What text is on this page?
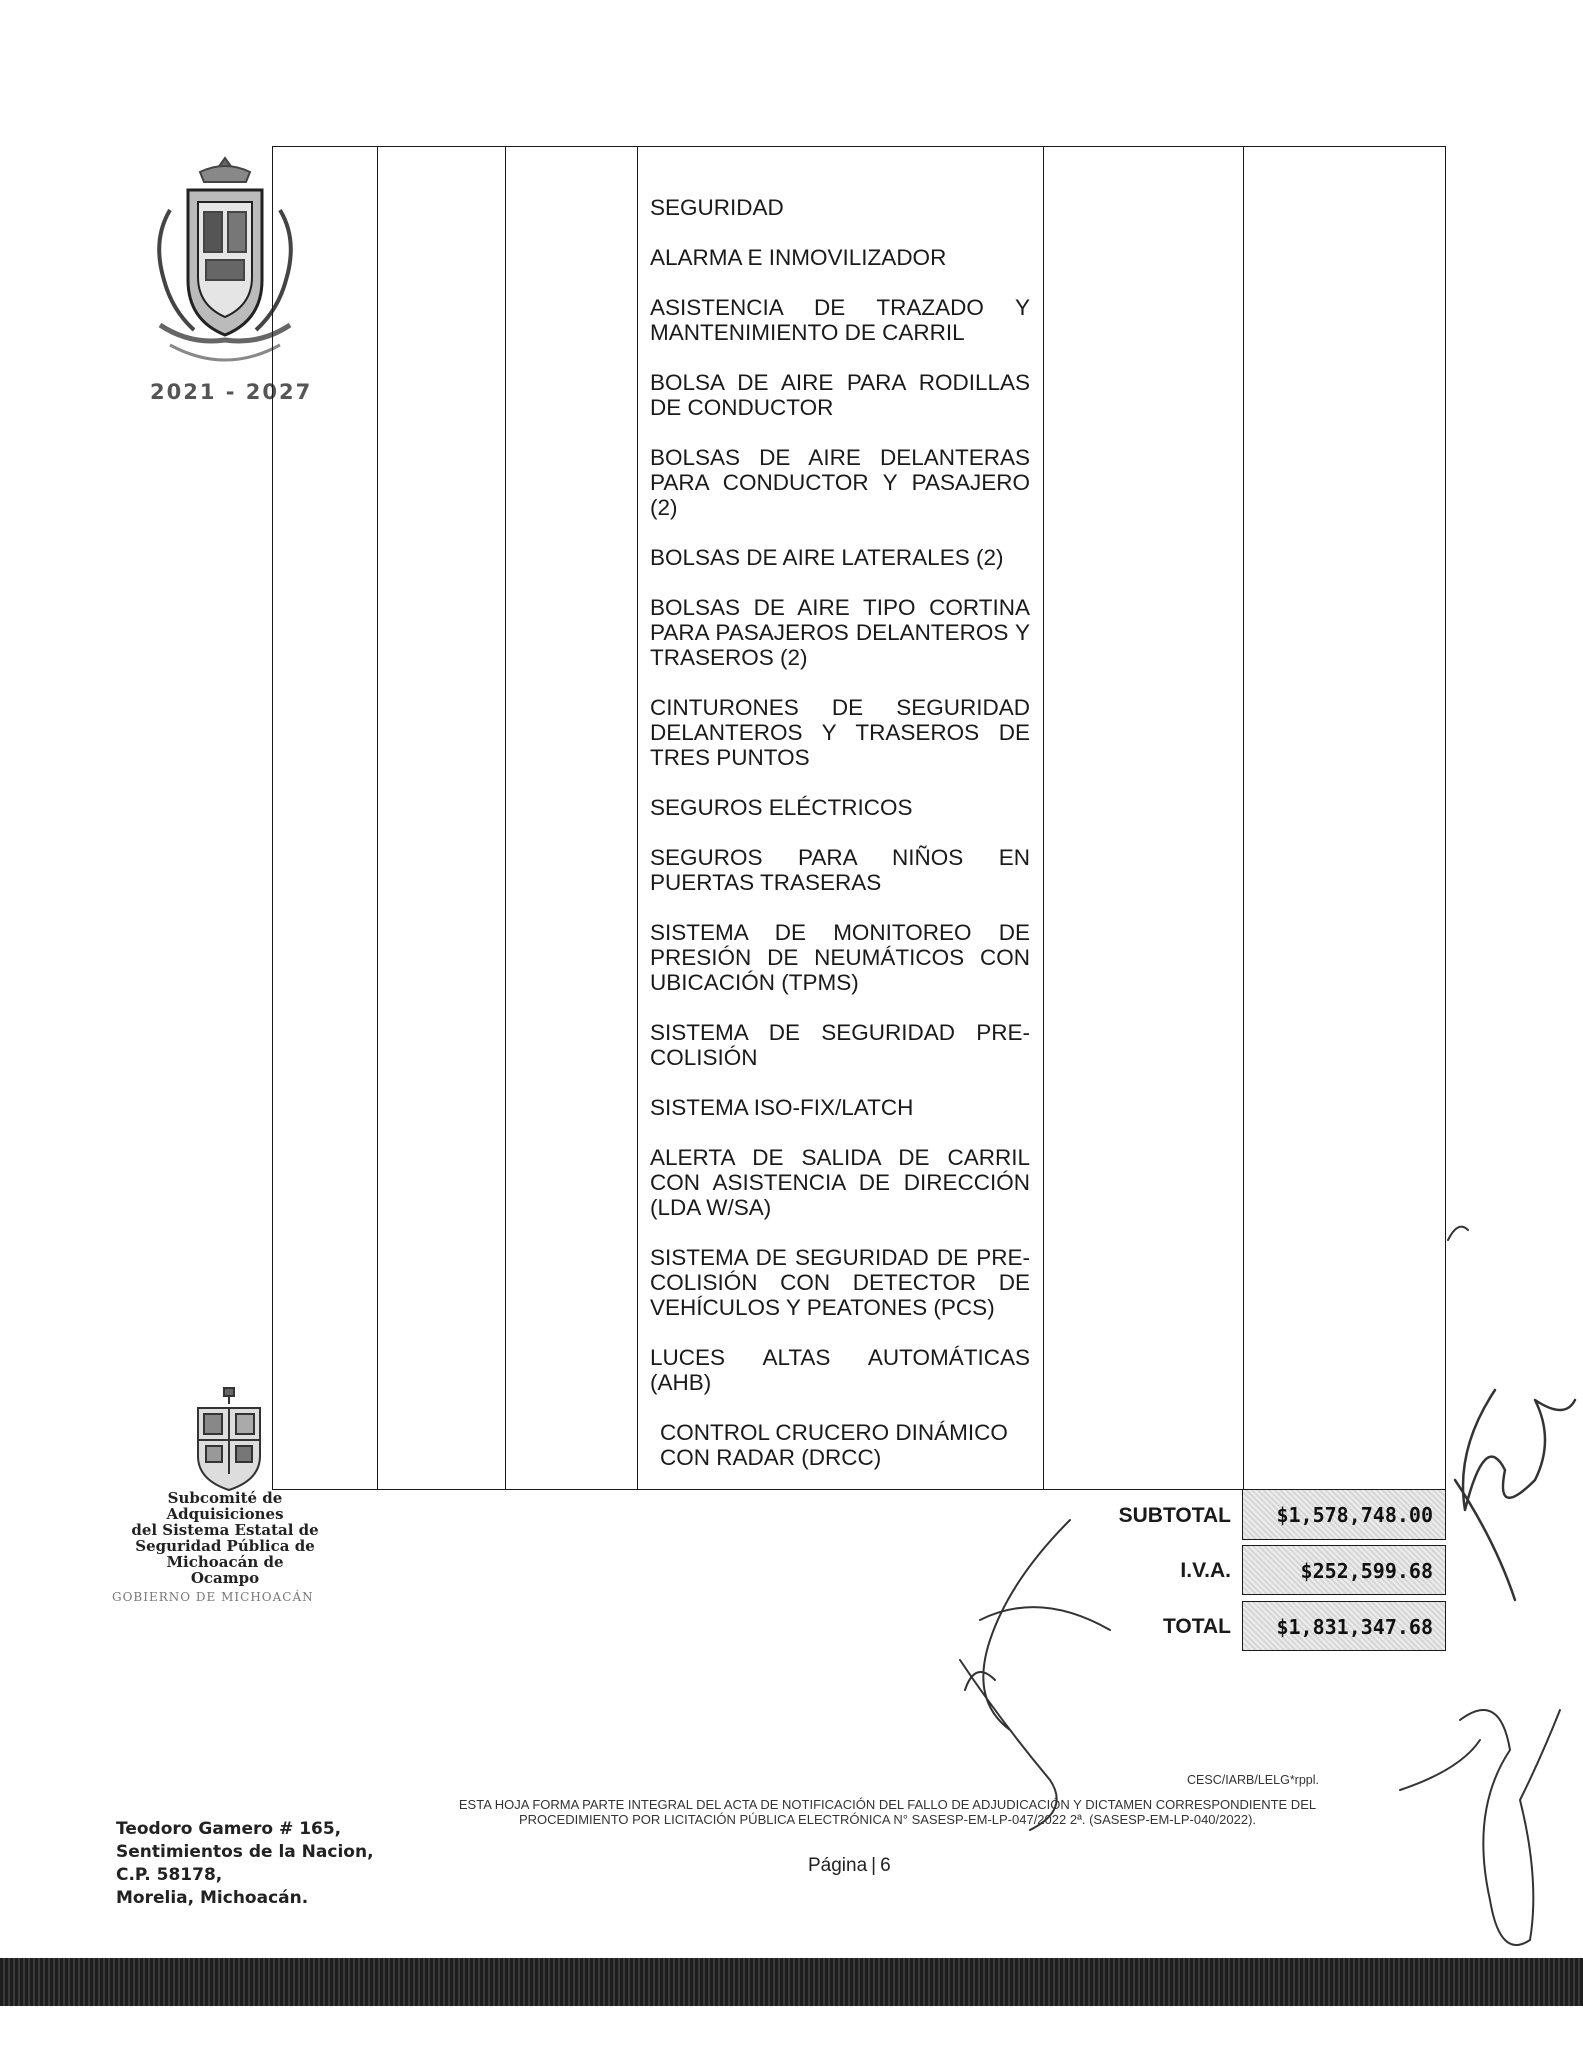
2021 - 2027
SEGURIDAD
ALARMA E INMOVILIZADOR
ASISTENCIA DE TRAZADO Y MANTENIMIENTO DE CARRIL
BOLSA DE AIRE PARA RODILLAS DE CONDUCTOR
BOLSAS DE AIRE DELANTERAS PARA CONDUCTOR Y PASAJERO (2)
BOLSAS DE AIRE LATERALES (2)
BOLSAS DE AIRE TIPO CORTINA PARA PASAJEROS DELANTEROS Y TRASEROS (2)
CINTURONES DE SEGURIDAD DELANTEROS Y TRASEROS DE TRES PUNTOS
SEGUROS ELÉCTRICOS
SEGUROS PARA NIÑOS EN PUERTAS TRASERAS
SISTEMA DE MONITOREO DE PRESIÓN DE NEUMÁTICOS CON UBICACIÓN (TPMS)
SISTEMA DE SEGURIDAD PRE-COLISIÓN
SISTEMA ISO-FIX/LATCH
ALERTA DE SALIDA DE CARRIL CON ASISTENCIA DE DIRECCIÓN (LDA W/SA)
SISTEMA DE SEGURIDAD DE PRE-COLISIÓN CON DETECTOR DE VEHÍCULOS Y PEATONES (PCS)
LUCES ALTAS AUTOMÁTICAS (AHB)
CONTROL CRUCERO DINÁMICO CON RADAR (DRCC)
SUBTOTAL	$1,578,748.00
I.V.A.	$252,599.68
TOTAL	$1,831,347.68
Subcomité de
Adquisiciones
del Sistema Estatal de
Seguridad Pública de
Michoacán de
Ocampo
GOBIERNO DE MICHOACÁN
CESC/IARB/LELG*rppl.
ESTA HOJA FORMA PARTE INTEGRAL DEL ACTA DE NOTIFICACIÓN DEL FALLO DE ADJUDICACIÓN Y DICTAMEN CORRESPONDIENTE DEL
PROCEDIMIENTO POR LICITACIÓN PÚBLICA ELECTRÓNICA N° SASESP-EM-LP-047/2022 2ª. (SASESP-EM-LP-040/2022).
Página | 6
Teodoro Gamero # 165,
Sentimientos de la Nacion,
C.P. 58178,
Morelia, Michoacán.
